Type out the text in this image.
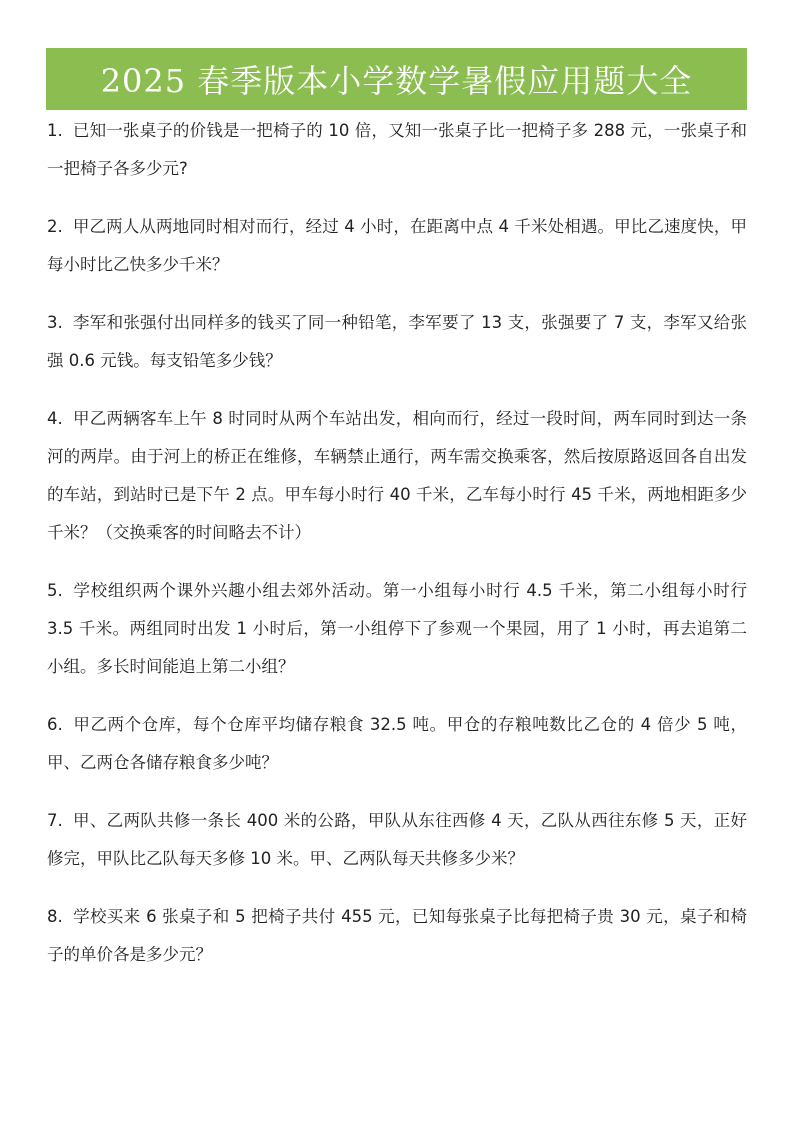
2025 春季版本小学数学暑假应用题大全

1. 已知一张桌子的价钱是一把椅子的 10 倍，又知一张桌子比一把椅子多 288 元，一张桌子和一把椅子各多少元?

2. 甲乙两人从两地同时相对而行，经过 4 小时，在距离中点 4 千米处相遇。甲比乙速度快，甲每小时比乙快多少千米？

3. 李军和张强付出同样多的钱买了同一种铅笔，李军要了 13 支，张强要了 7 支，李军又给张强 0.6 元钱。每支铅笔多少钱？

4. 甲乙两辆客车上午 8 时同时从两个车站出发，相向而行，经过一段时间，两车同时到达一条河的两岸。由于河上的桥正在维修，车辆禁止通行，两车需交换乘客，然后按原路返回各自出发的车站，到站时已是下午 2 点。甲车每小时行 40 千米，乙车每小时行 45 千米，两地相距多少千米？（交换乘客的时间略去不计）

5. 学校组织两个课外兴趣小组去郊外活动。第一小组每小时行 4.5 千米，第二小组每小时行 3.5 千米。两组同时出发 1 小时后，第一小组停下了参观一个果园，用了 1 小时，再去追第二小组。多长时间能追上第二小组？

6. 甲乙两个仓库，每个仓库平均储存粮食 32.5 吨。甲仓的存粮吨数比乙仓的 4 倍少 5 吨，甲、乙两仓各储存粮食多少吨？

7. 甲、乙两队共修一条长 400 米的公路，甲队从东往西修 4 天，乙队从西往东修 5 天，正好修完，甲队比乙队每天多修 10 米。甲、乙两队每天共修多少米？

8. 学校买来 6 张桌子和 5 把椅子共付 455 元，已知每张桌子比每把椅子贵 30 元，桌子和椅子的单价各是多少元？
